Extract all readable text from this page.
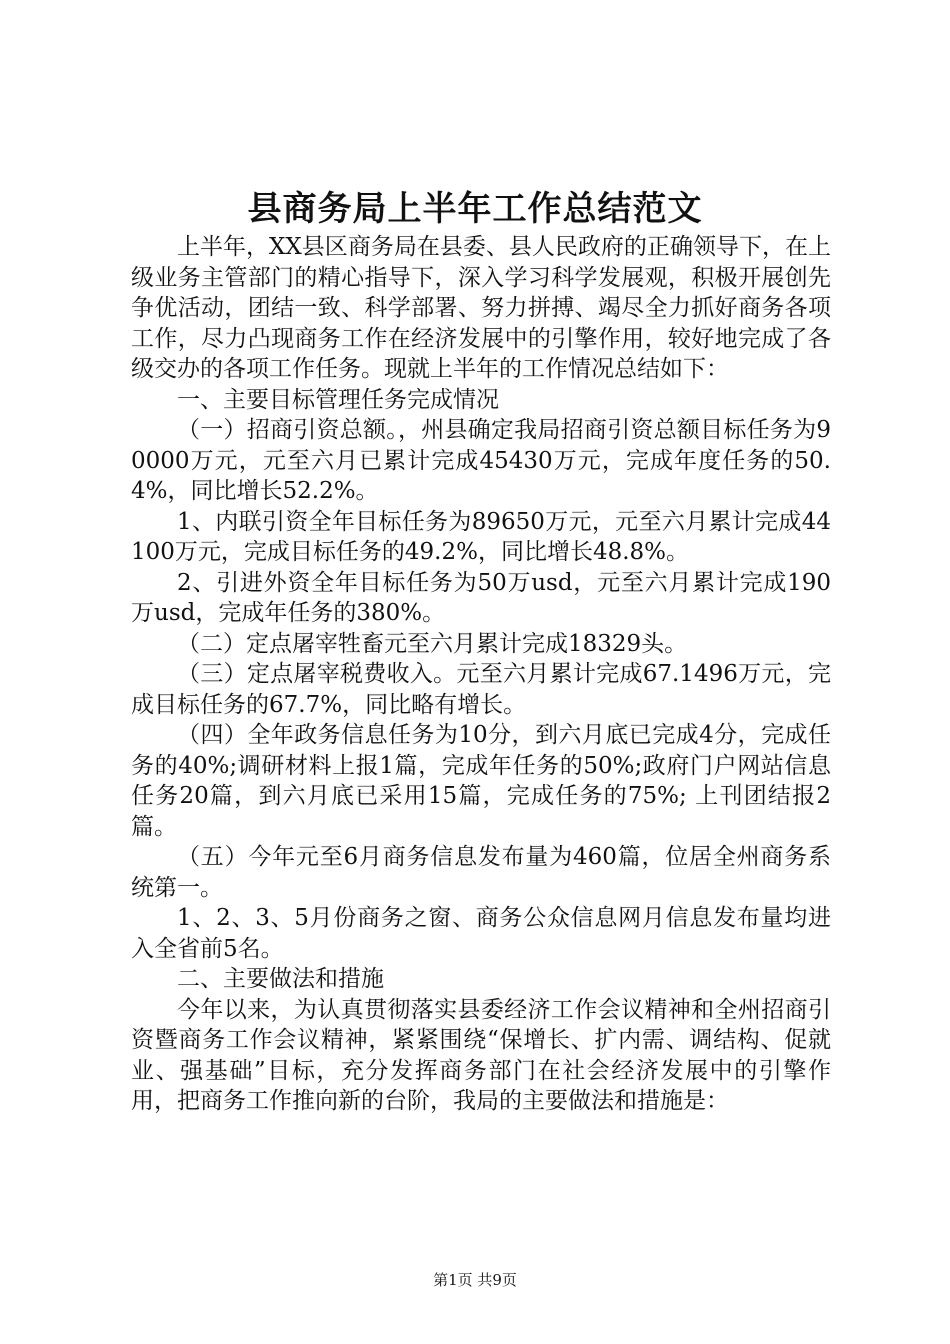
县商务局上半年工作总结范文

上半年，XX县区商务局在县委、县人民政府的正确领导下，在上级业务主管部门的精心指导下，深入学习科学发展观，积极开展创先争优活动，团结一致、科学部署、努力拼搏、竭尽全力抓好商务各项工作，尽力凸现商务工作在经济发展中的引擎作用，较好地完成了各级交办的各项工作任务。现就上半年的工作情况总结如下：

一、主要目标管理任务完成情况

（一）招商引资总额。，州县确定我局招商引资总额目标任务为90000万元，元至六月已累计完成45430万元，完成年度任务的50.4%，同比增长52.2%。

1、内联引资全年目标任务为89650万元，元至六月累计完成44100万元，完成目标任务的49.2%，同比增长48.8%。

2、引进外资全年目标任务为50万usd，元至六月累计完成190万usd，完成年任务的380%。

（二）定点屠宰牲畜元至六月累计完成18329头。

（三）定点屠宰税费收入。元至六月累计完成67.1496万元，完成目标任务的67.7%，同比略有增长。

（四）全年政务信息任务为10分，到六月底已完成4分，完成任务的40%;调研材料上报1篇，完成年任务的50%;政府门户网站信息任务20篇，到六月底已采用15篇，完成任务的75%; 上刊团结报2篇。

（五）今年元至6月商务信息发布量为460篇，位居全州商务系统第一。

1、2、3、5月份商务之窗、商务公众信息网月信息发布量均进入全省前5名。

二、主要做法和措施

今年以来，为认真贯彻落实县委经济工作会议精神和全州招商引资暨商务工作会议精神，紧紧围绕“保增长、扩内需、调结构、促就业、强基础”目标，充分发挥商务部门在社会经济发展中的引擎作用，把商务工作推向新的台阶，我局的主要做法和措施是：

第1页 共9页
